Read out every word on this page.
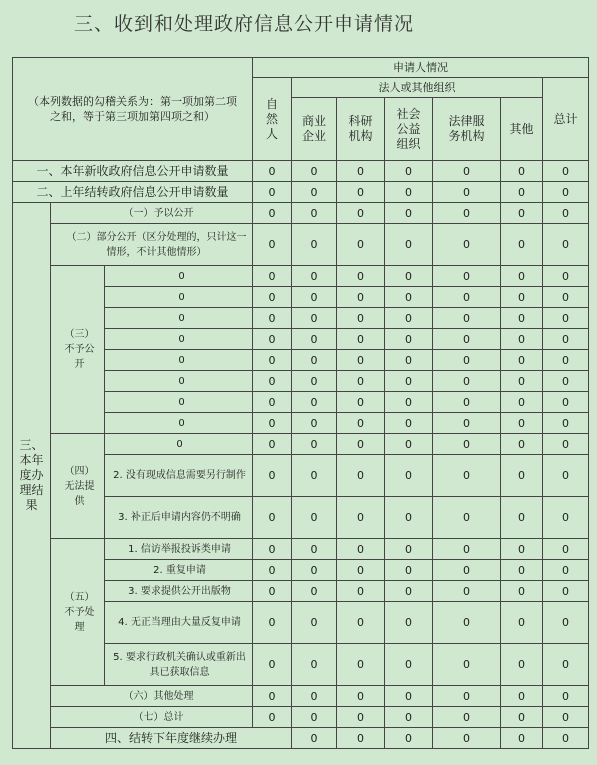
三、收到和处理政府信息公开申请情况
（本列数据的勾稽关系为：第一项加第二项之和，等于第三项加第四项之和）			申请人情况							
			自然人	法人或其他组织					总计	
				商业企业	科研机构	社会公益组织	法律服务机构	其他		
一、本年新收政府信息公开申请数量			0	0	0	0	0	0	0	
二、上年结转政府信息公开申请数量			0	0	0	0	0	0	0	
三、本年度办理结果	（一）予以公开		0	0	0	0	0	0	0	
	（二）部分公开（区分处理的，只计这一情形，不计其他情形）		0	0	0	0	0	0	0	
	（三）不予公开	0	0	0	0	0	0	0	0	
		0	0	0	0	0	0	0	0	
		0	0	0	0	0	0	0	0	
		0	0	0	0	0	0	0	0	
		0	0	0	0	0	0	0	0	
		0	0	0	0	0	0	0	0	
		0	0	0	0	0	0	0	0	
		0	0	0	0	0	0	0	0	
	（四）无法提供	0	0	0	0	0	0	0	0	
		2. 没有现成信息需要另行制作	0	0	0	0	0	0	0	
		3. 补正后申请内容仍不明确	0	0	0	0	0	0	0	
	（五）不予处理	1. 信访举报投诉类申请	0	0	0	0	0	0	0	
		2. 重复申请	0	0	0	0	0	0	0	
		3. 要求提供公开出版物	0	0	0	0	0	0	0	
		4. 无正当理由大量反复申请	0	0	0	0	0	0	0	
		5. 要求行政机关确认或重新出具已获取信息	0	0	0	0	0	0	0	
	（六）其他处理		0	0	0	0	0	0	0	
	（七）总计		0	0	0	0	0	0	0	
	四、结转下年度继续办理			0	0	0	0	0	0	
